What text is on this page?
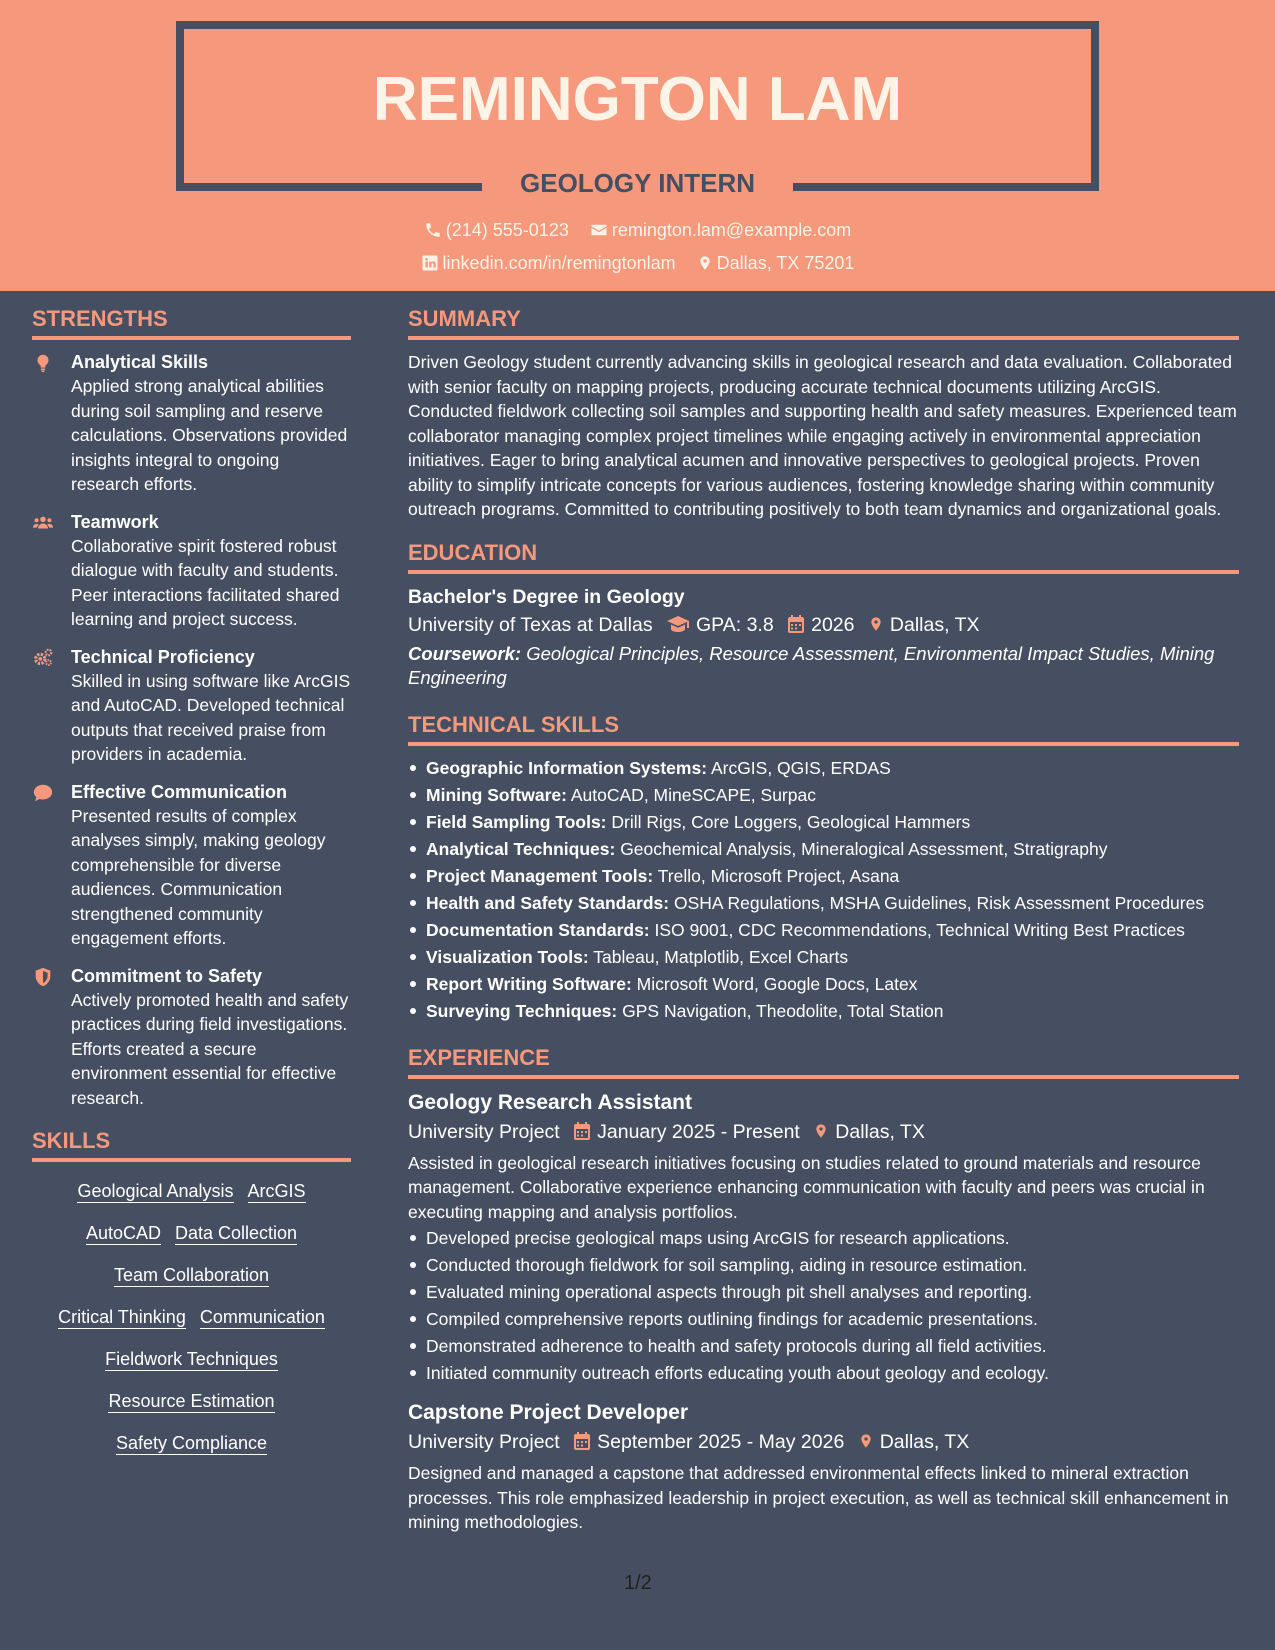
REMINGTON LAM
GEOLOGY INTERN
(214) 555-0123 remington.lam@example.com
linkedin.com/in/remingtonlam Dallas, TX 75201
STRENGTHS
Analytical Skills
Applied strong analytical abilities during soil sampling and reserve calculations. Observations provided insights integral to ongoing research efforts.
Teamwork
Collaborative spirit fostered robust dialogue with faculty and students. Peer interactions facilitated shared learning and project success.
Technical Proficiency
Skilled in using software like ArcGIS and AutoCAD. Developed technical outputs that received praise from providers in academia.
Effective Communication
Presented results of complex analyses simply, making geology comprehensible for diverse audiences. Communication strengthened community engagement efforts.
Commitment to Safety
Actively promoted health and safety practices during field investigations. Efforts created a secure environment essential for effective research.
SKILLS
Geological Analysis ArcGIS
AutoCAD Data Collection
Team Collaboration
Critical Thinking Communication
Fieldwork Techniques
Resource Estimation
Safety Compliance
SUMMARY
Driven Geology student currently advancing skills in geological research and data evaluation. Collaborated with senior faculty on mapping projects, producing accurate technical documents utilizing ArcGIS. Conducted fieldwork collecting soil samples and supporting health and safety measures. Experienced team collaborator managing complex project timelines while engaging actively in environmental appreciation initiatives. Eager to bring analytical acumen and innovative perspectives to geological projects. Proven ability to simplify intricate concepts for various audiences, fostering knowledge sharing within community outreach programs. Committed to contributing positively to both team dynamics and organizational goals.
EDUCATION
Bachelor's Degree in Geology
University of Texas at Dallas GPA: 3.8 2026 Dallas, TX
Coursework: Geological Principles, Resource Assessment, Environmental Impact Studies, Mining Engineering
TECHNICAL SKILLS
Geographic Information Systems: ArcGIS, QGIS, ERDAS
Mining Software: AutoCAD, MineSCAPE, Surpac
Field Sampling Tools: Drill Rigs, Core Loggers, Geological Hammers
Analytical Techniques: Geochemical Analysis, Mineralogical Assessment, Stratigraphy
Project Management Tools: Trello, Microsoft Project, Asana
Health and Safety Standards: OSHA Regulations, MSHA Guidelines, Risk Assessment Procedures
Documentation Standards: ISO 9001, CDC Recommendations, Technical Writing Best Practices
Visualization Tools: Tableau, Matplotlib, Excel Charts
Report Writing Software: Microsoft Word, Google Docs, Latex
Surveying Techniques: GPS Navigation, Theodolite, Total Station
EXPERIENCE
Geology Research Assistant
University Project January 2025 - Present Dallas, TX
Assisted in geological research initiatives focusing on studies related to ground materials and resource management. Collaborative experience enhancing communication with faculty and peers was crucial in executing mapping and analysis portfolios.
Developed precise geological maps using ArcGIS for research applications.
Conducted thorough fieldwork for soil sampling, aiding in resource estimation.
Evaluated mining operational aspects through pit shell analyses and reporting.
Compiled comprehensive reports outlining findings for academic presentations.
Demonstrated adherence to health and safety protocols during all field activities.
Initiated community outreach efforts educating youth about geology and ecology.
Capstone Project Developer
University Project September 2025 - May 2026 Dallas, TX
Designed and managed a capstone that addressed environmental effects linked to mineral extraction processes. This role emphasized leadership in project execution, as well as technical skill enhancement in mining methodologies.
1/2
